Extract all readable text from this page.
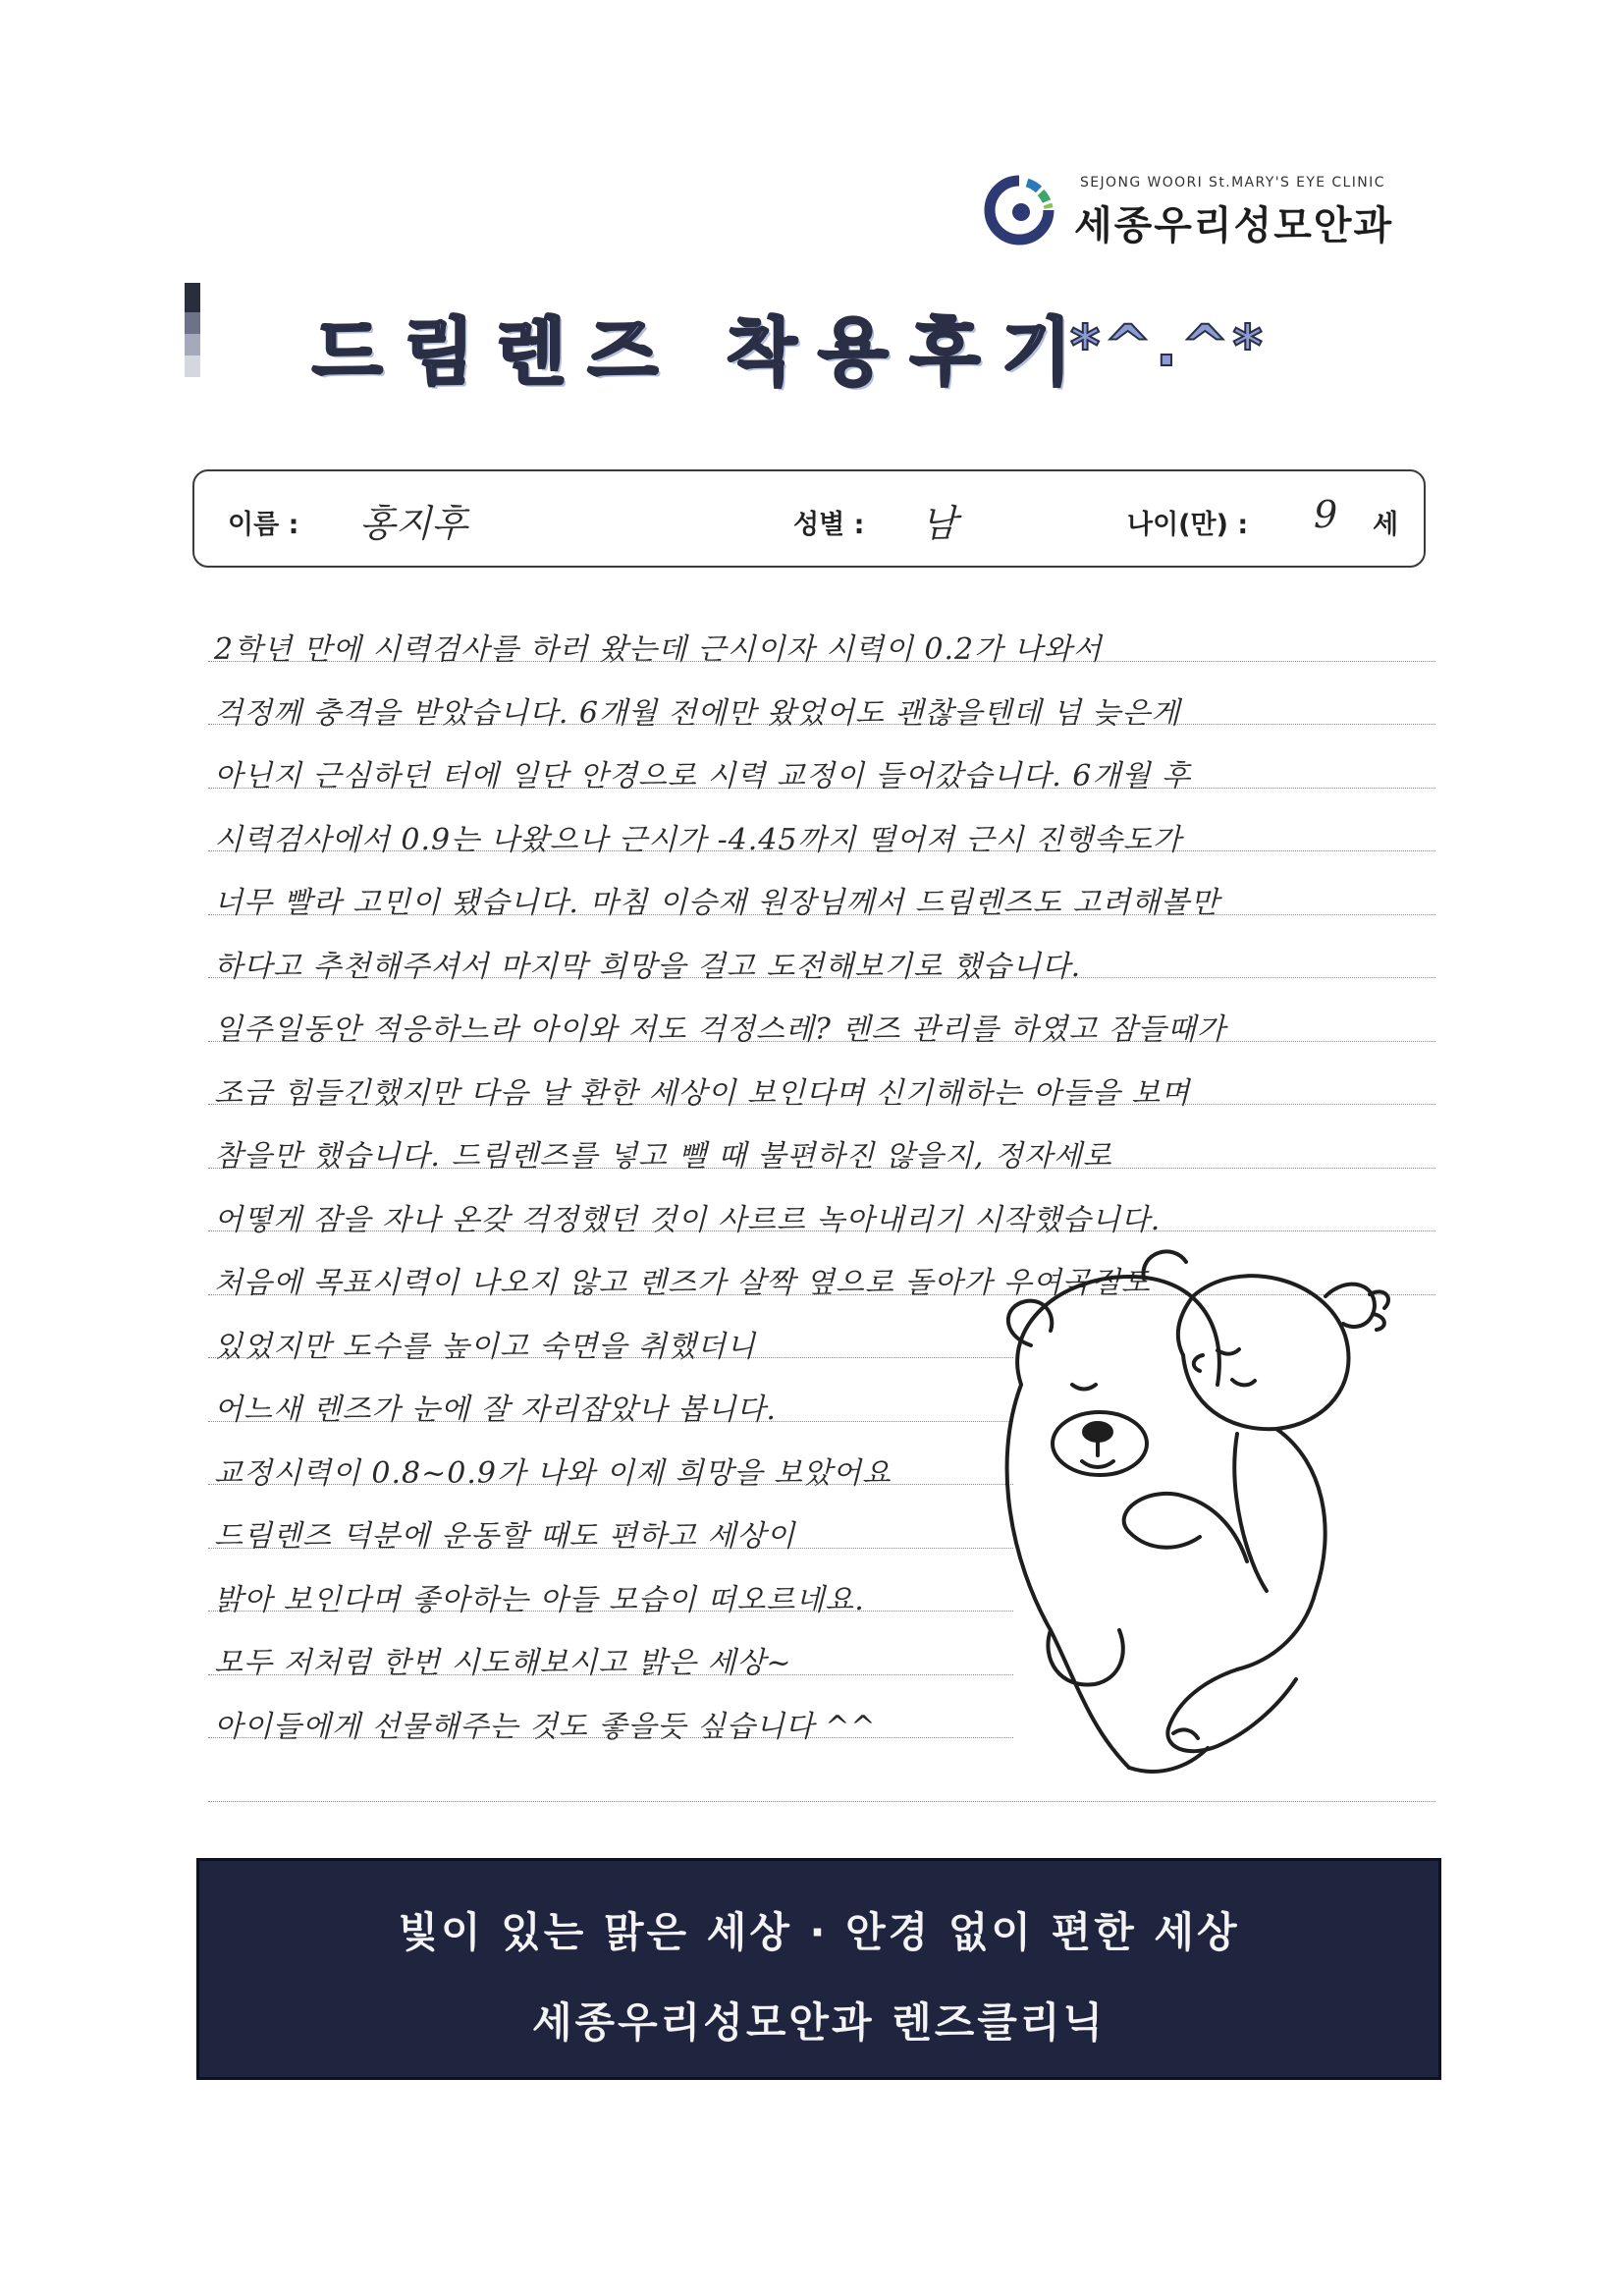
SEJONG WOORI St.MARY'S EYE CLINIC
세종우리성모안과
드림렌즈 착용후기
*^.^*
이름 : 홍지후	성별 : 남	나이(만) : 9 세
2학년 만에 시력검사를 하러 왔는데 근시이자 시력이 0.2가 나와서
걱정께 충격을 받았습니다. 6개월 전에만 왔었어도 괜찮을텐데 넘 늦은게
아닌지 근심하던 터에 일단 안경으로 시력 교정이 들어갔습니다. 6개월 후
시력검사에서 0.9는 나왔으나 근시가 -4.45까지 떨어져 근시 진행속도가
너무 빨라 고민이 됐습니다. 마침 이승재 원장님께서 드림렌즈도 고려해볼만
하다고 추천해주셔서 마지막 희망을 걸고 도전해보기로 했습니다.
일주일동안 적응하느라 아이와 저도 걱정스레? 렌즈 관리를 하였고 잠들때가
조금 힘들긴했지만 다음 날 환한 세상이 보인다며 신기해하는 아들을 보며
참을만 했습니다. 드림렌즈를 넣고 뺄 때 불편하진 않을지, 정자세로
어떻게 잠을 자나 온갖 걱정했던 것이 사르르 녹아내리기 시작했습니다.
처음에 목표시력이 나오지 않고 렌즈가 살짝 옆으로 돌아가 우여곡절도
있었지만 도수를 높이고 숙면을 취했더니
어느새 렌즈가 눈에 잘 자리잡았나 봅니다.
교정시력이 0.8~0.9가 나와 이제 희망을 보았어요
드림렌즈 덕분에 운동할 때도 편하고 세상이
밝아 보인다며 좋아하는 아들 모습이 떠오르네요.
모두 저처럼 한번 시도해보시고 밝은 세상~
아이들에게 선물해주는 것도 좋을듯 싶습니다 ^^
빛이 있는 맑은 세상 · 안경 없이 편한 세상
세종우리성모안과 렌즈클리닉
